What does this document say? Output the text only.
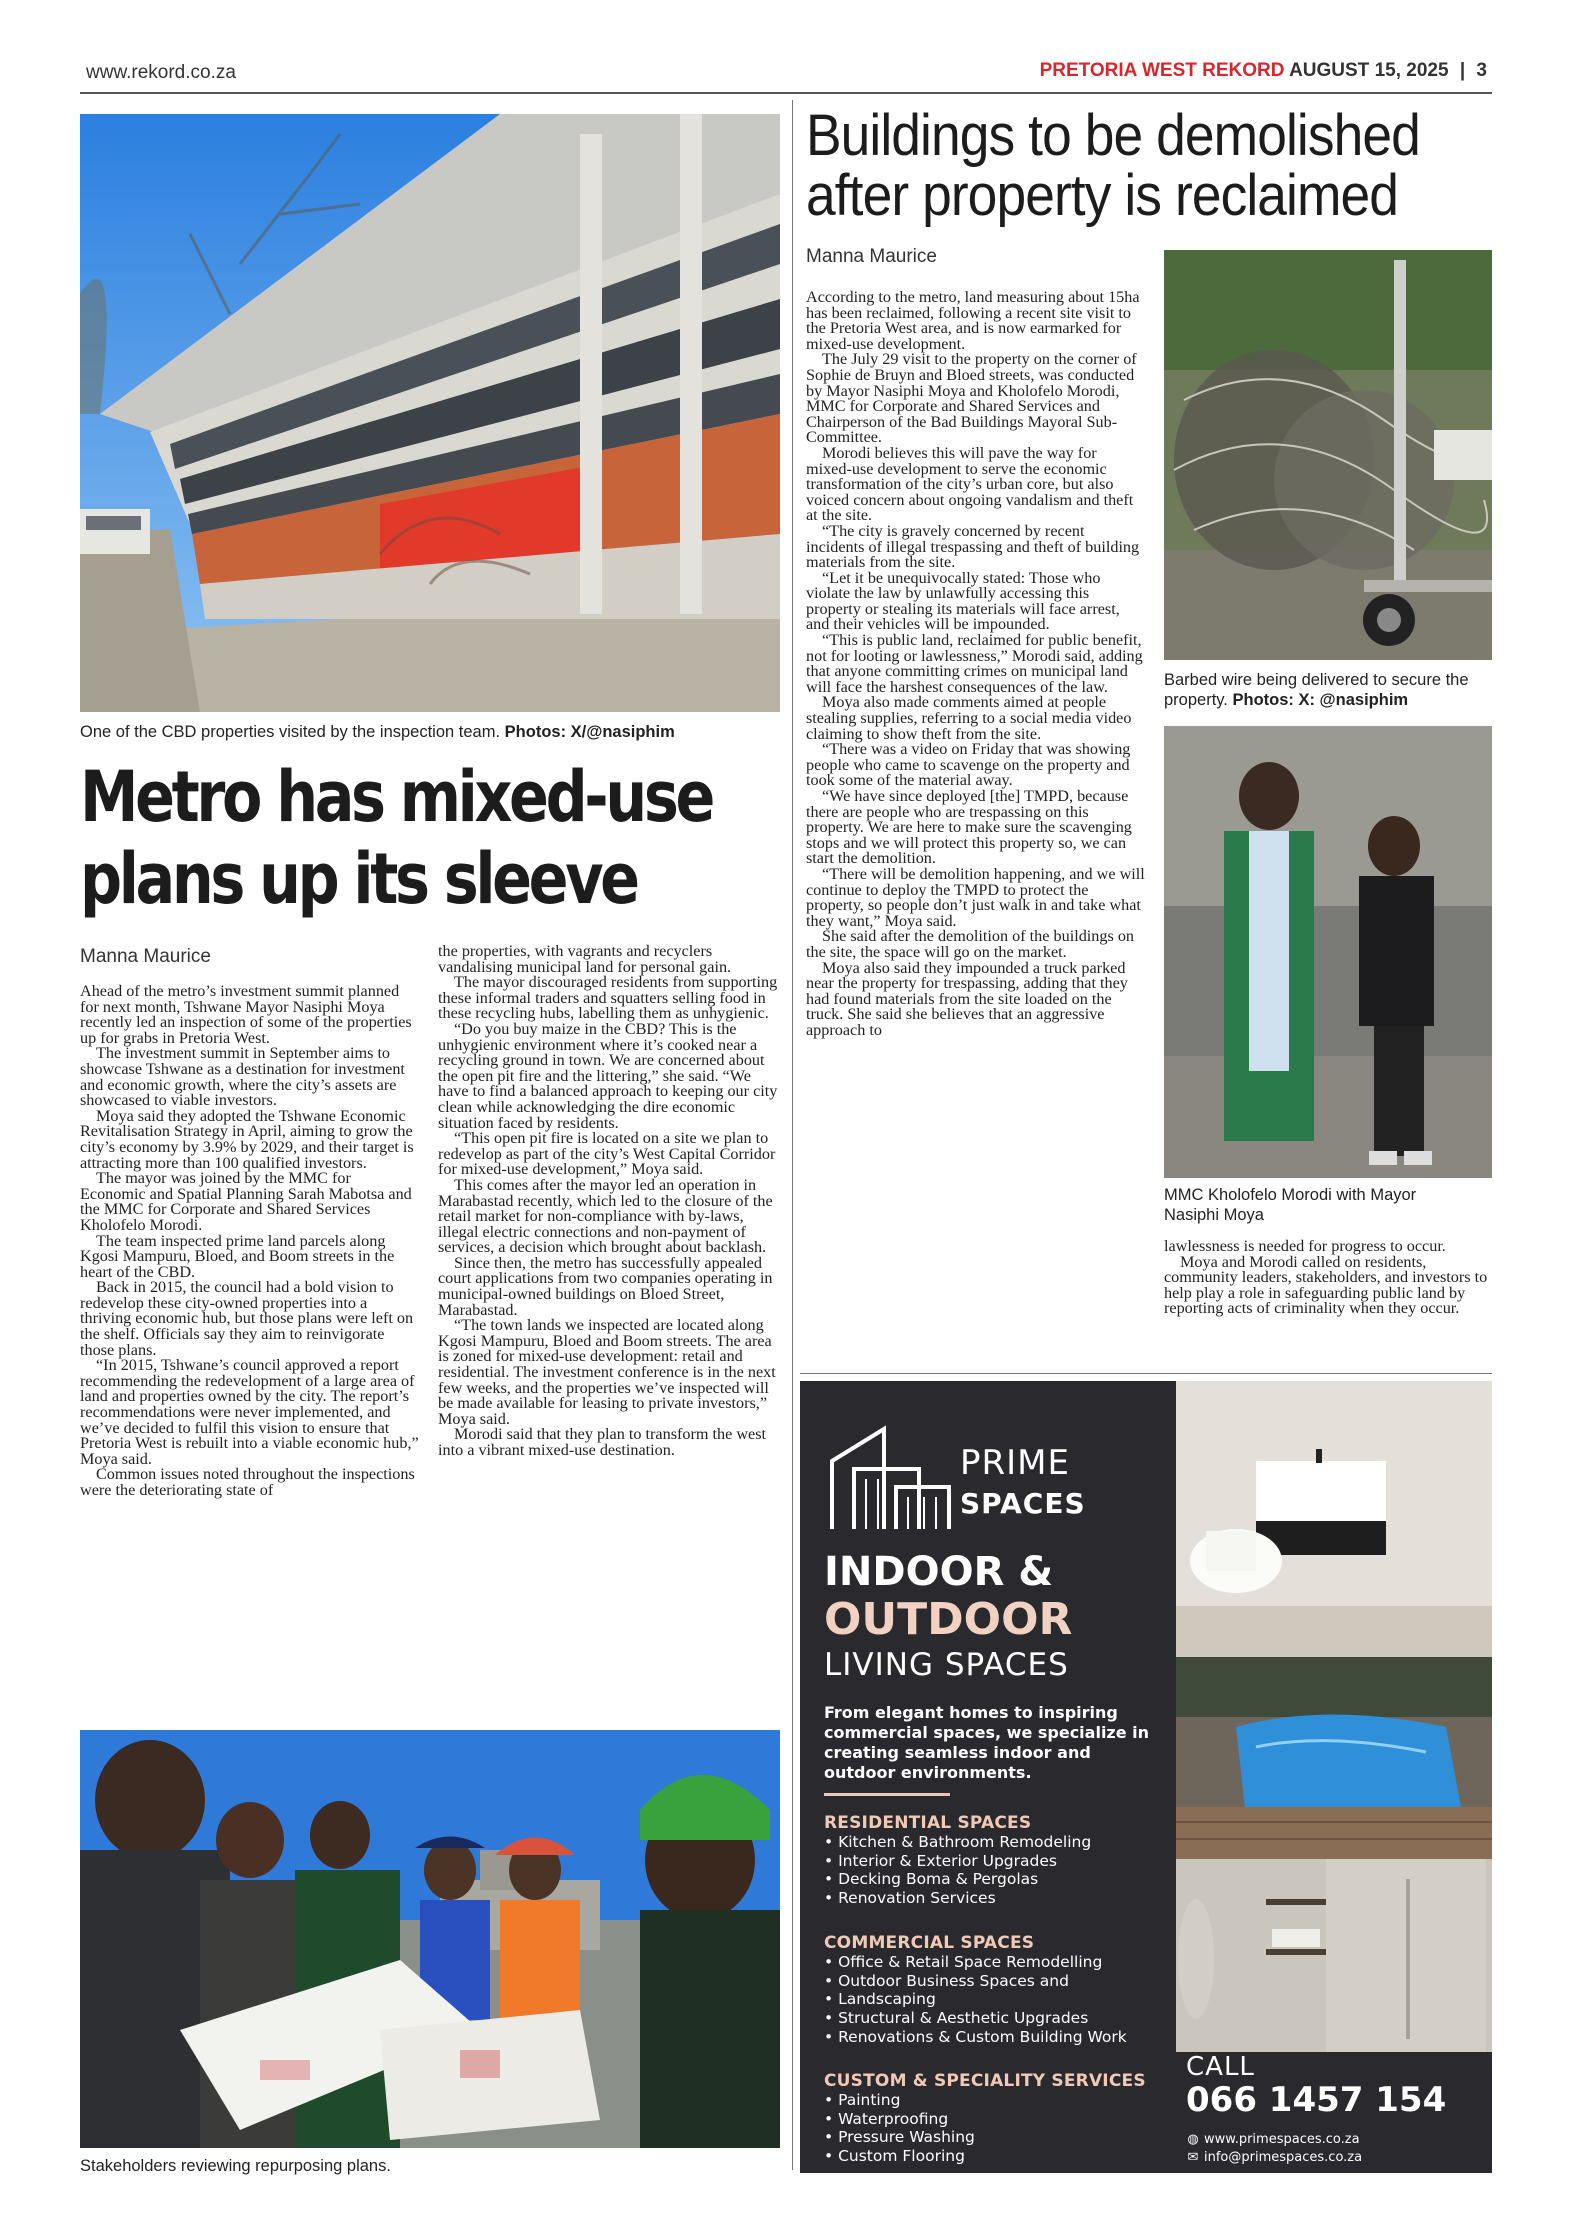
www.rekord.co.za	PRETORIA WEST REKORD AUGUST 15, 2025 | 3
One of the CBD properties visited by the inspection team. Photos: X/@nasiphim
Metro has mixed-use
plans up its sleeve
Manna Maurice

Ahead of the metro’s investment summit planned for next month, Tshwane Mayor Nasiphi Moya recently led an inspection of some of the properties up for grabs in Pretoria West.

The investment summit in September aims to showcase Tshwane as a destination for investment and economic growth, where the city’s assets are showcased to viable investors.

Moya said they adopted the Tshwane Economic Revitalisation Strategy in April, aiming to grow the city’s economy by 3.9% by 2029, and their target is attracting more than 100 qualified investors.

The mayor was joined by the MMC for Economic and Spatial Planning Sarah Mabotsa and the MMC for Corporate and Shared Services Kholofelo Morodi.

The team inspected prime land parcels along Kgosi Mampuru, Bloed, and Boom streets in the heart of the CBD.

Back in 2015, the council had a bold vision to redevelop these city-owned properties into a thriving economic hub, but those plans were left on the shelf. Officials say they aim to reinvigorate those plans.

“In 2015, Tshwane’s council approved a report recommending the redevelopment of a large area of land and properties owned by the city. The report’s recommendations were never implemented, and we’ve decided to fulfil this vision to ensure that Pretoria West is rebuilt into a viable economic hub,” Moya said.

Common issues noted throughout the inspections were the deteriorating state of

the properties, with vagrants and recyclers vandalising municipal land for personal gain.

The mayor discouraged residents from supporting these informal traders and squatters selling food in these recycling hubs, labelling them as unhygienic.

“Do you buy maize in the CBD? This is the unhygienic environment where it’s cooked near a recycling ground in town. We are concerned about the open pit fire and the littering,” she said. “We have to find a balanced approach to keeping our city clean while acknowledging the dire economic situation faced by residents.

“This open pit fire is located on a site we plan to redevelop as part of the city’s West Capital Corridor for mixed-use development,” Moya said.

This comes after the mayor led an operation in Marabastad recently, which led to the closure of the retail market for non-compliance with by-laws, illegal electric connections and non-payment of services, a decision which brought about backlash.

Since then, the metro has successfully appealed court applications from two companies operating in municipal-owned buildings on Bloed Street, Marabastad.

“The town lands we inspected are located along Kgosi Mampuru, Bloed and Boom streets. The area is zoned for mixed-use development: retail and residential. The investment conference is in the next few weeks, and the properties we’ve inspected will be made available for leasing to private investors,” Moya said.

Morodi said that they plan to transform the west into a vibrant mixed-use destination.

Stakeholders reviewing repurposing plans.
Buildings to be demolished
after property is reclaimed
Manna Maurice

According to the metro, land measuring about 15ha has been reclaimed, following a recent site visit to the Pretoria West area, and is now earmarked for mixed-use development.

The July 29 visit to the property on the corner of Sophie de Bruyn and Bloed streets, was conducted by Mayor Nasiphi Moya and Kholofelo Morodi, MMC for Corporate and Shared Services and Chairperson of the Bad Buildings Mayoral Sub-Committee.

Morodi believes this will pave the way for mixed-use development to serve the economic transformation of the city’s urban core, but also voiced concern about ongoing vandalism and theft at the site.

“The city is gravely concerned by recent incidents of illegal trespassing and theft of building materials from the site.

“Let it be unequivocally stated: Those who violate the law by unlawfully accessing this property or stealing its materials will face arrest, and their vehicles will be impounded.

“This is public land, reclaimed for public benefit, not for looting or lawlessness,” Morodi said, adding that anyone committing crimes on municipal land will face the harshest consequences of the law.

Moya also made comments aimed at people stealing supplies, referring to a social media video claiming to show theft from the site.

“There was a video on Friday that was showing people who came to scavenge on the property and took some of the material away.

“We have since deployed [the] TMPD, because there are people who are trespassing on this property. We are here to make sure the scavenging stops and we will protect this property so, we can start the demolition.

“There will be demolition happening, and we will continue to deploy the TMPD to protect the property, so people don’t just walk in and take what they want,” Moya said.

She said after the demolition of the buildings on the site, the space will go on the market.

Moya also said they impounded a truck parked near the property for trespassing, adding that they had found materials from the site loaded on the truck. She said she believes that an aggressive approach to

Barbed wire being delivered to secure the property. Photos: X: @nasiphim
MMC Kholofelo Morodi with Mayor Nasiphi Moya

lawlessness is needed for progress to occur.

Moya and Morodi called on residents, community leaders, stakeholders, and investors to help play a role in safeguarding public land by reporting acts of criminality when they occur.

PRIME
SPACES
INDOOR &
OUTDOOR
LIVING SPACES
From elegant homes to inspiring commercial spaces, we specialize in creating seamless indoor and outdoor environments.
RESIDENTIAL SPACES
• Kitchen & Bathroom Remodeling
• Interior & Exterior Upgrades
• Decking Boma & Pergolas
• Renovation Services
COMMERCIAL SPACES
• Office & Retail Space Remodelling
• Outdoor Business Spaces and
• Landscaping
• Structural & Aesthetic Upgrades
• Renovations & Custom Building Work
CUSTOM & SPECIALITY SERVICES
• Painting
• Waterproofing
• Pressure Washing
• Custom Flooring
CALL
066 1457 154
◍ www.primespaces.co.za
✉ info@primespaces.co.za
